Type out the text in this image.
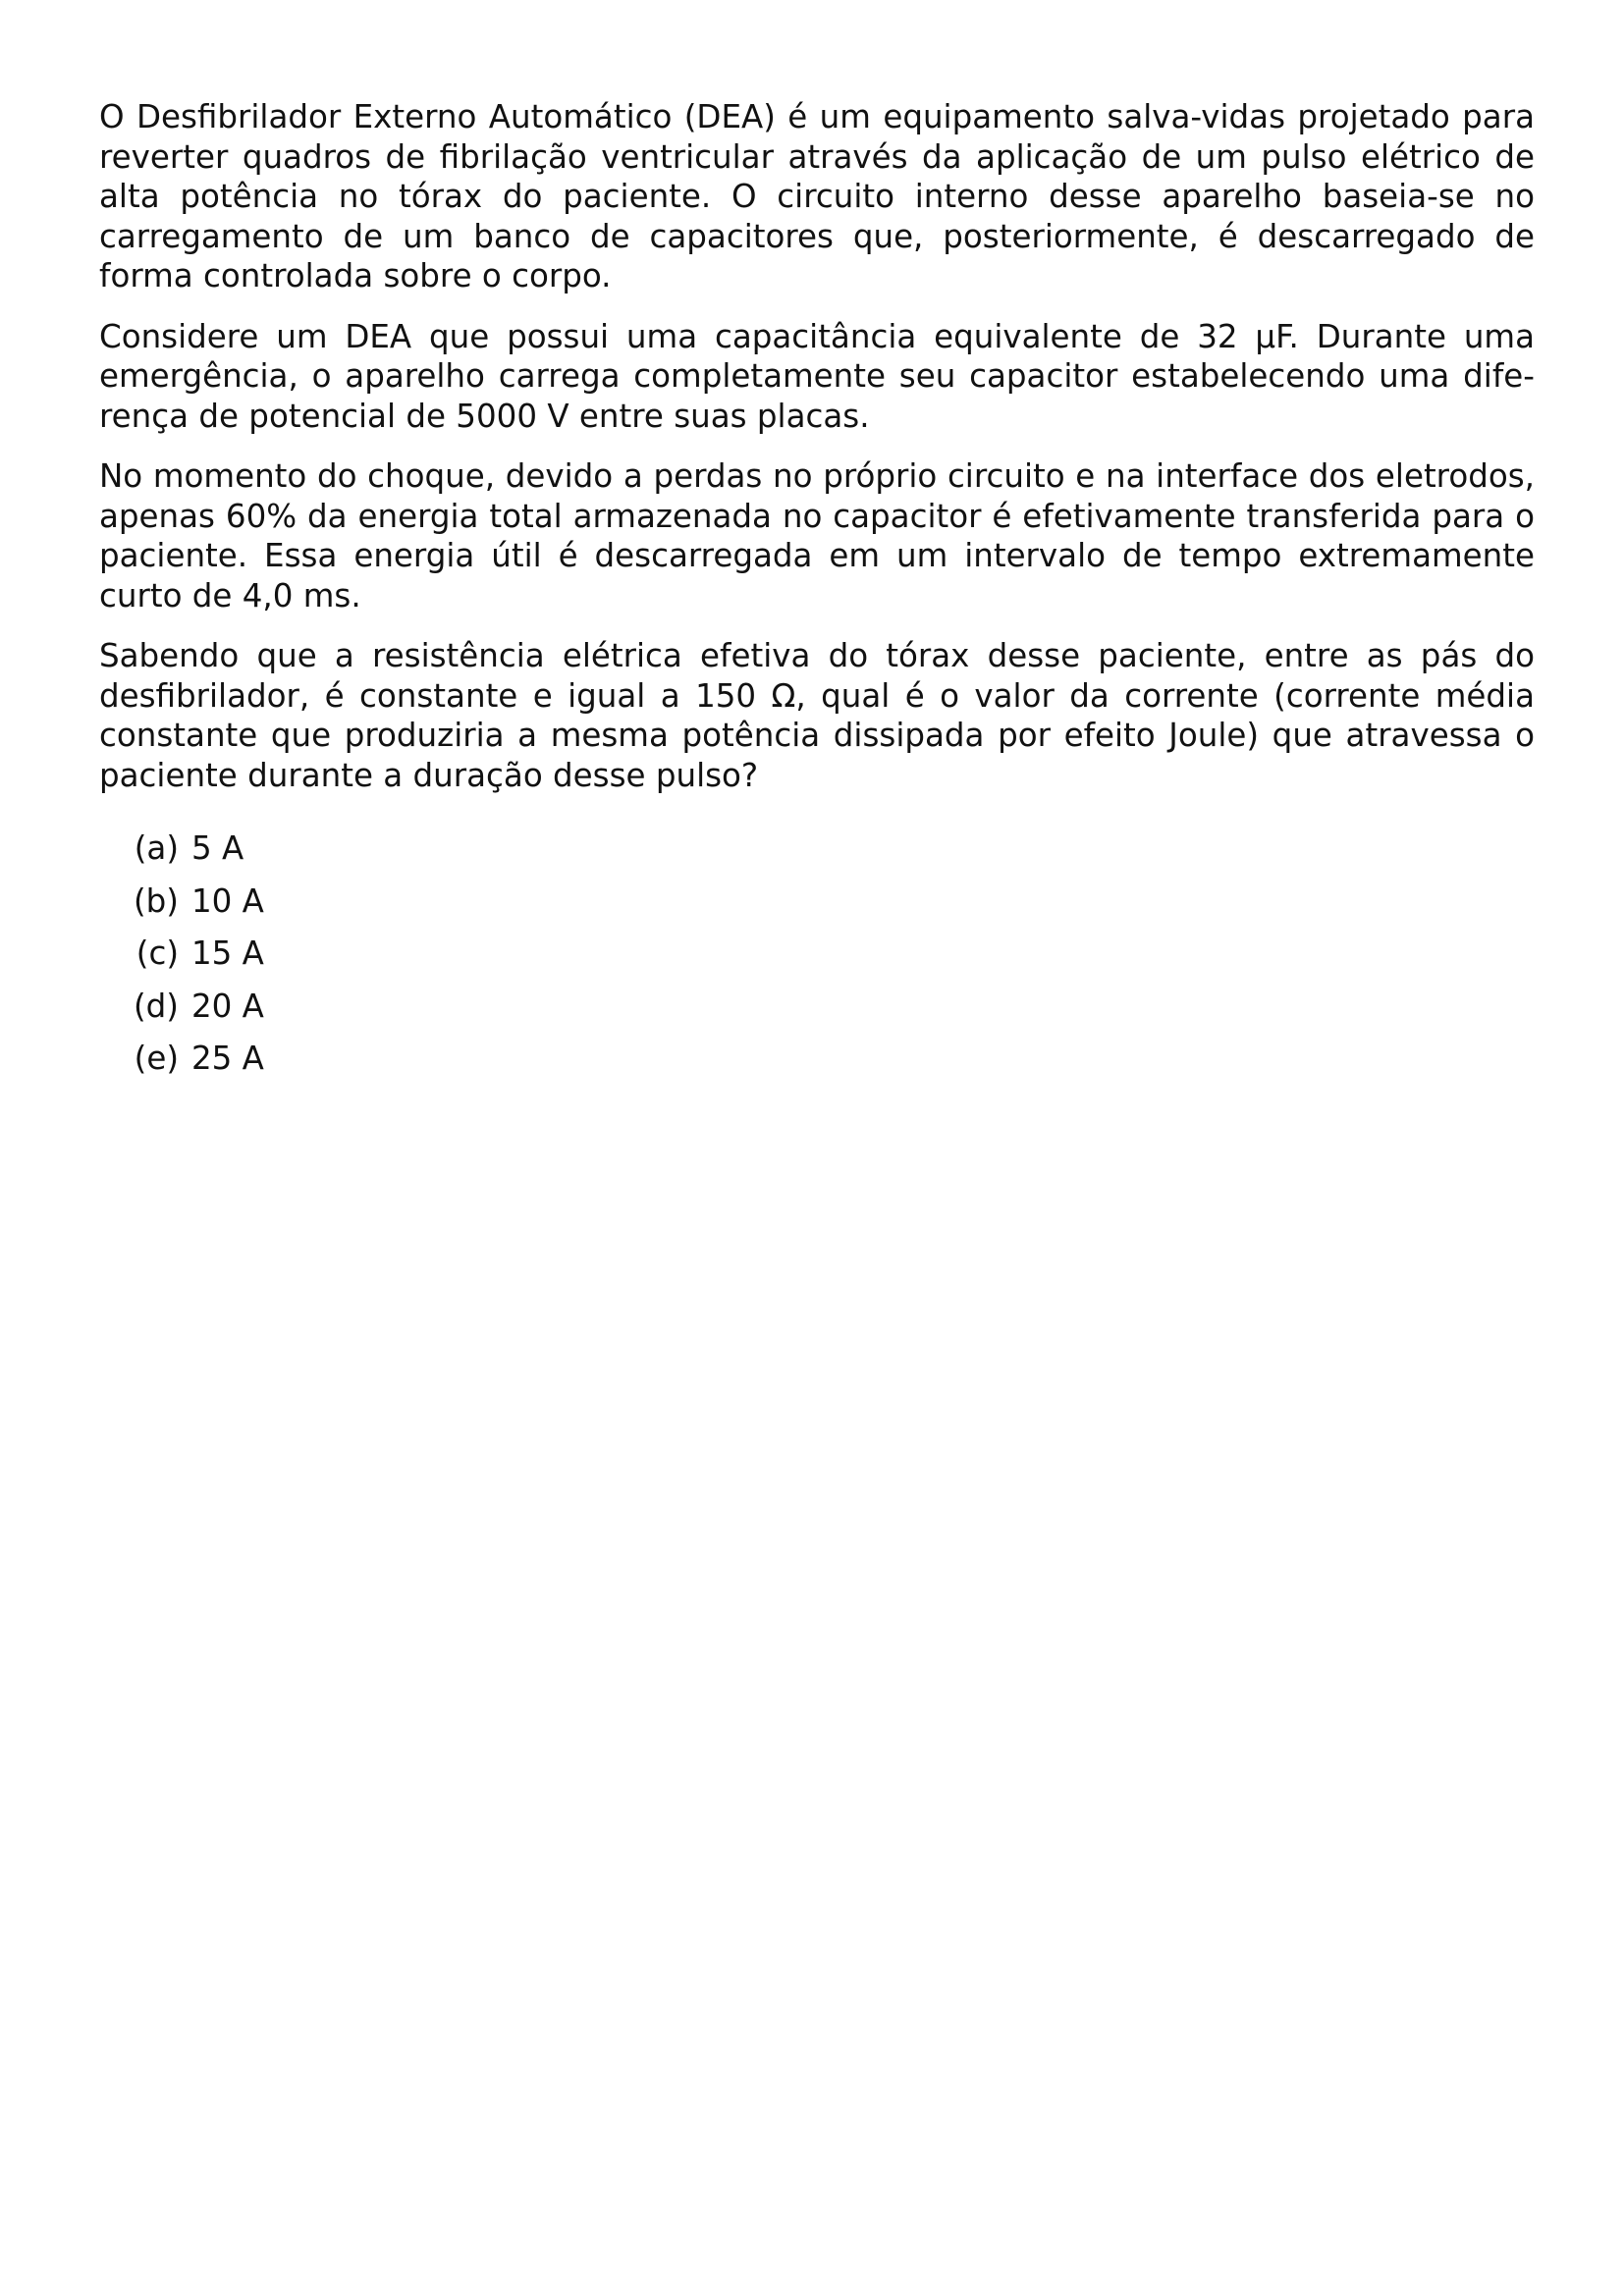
O Desfibrilador Externo Automático (DEA) é um equipamento salva-vidas projetado para reverter quadros de fibrilação ventricular através da aplicação de um pulso elétrico de alta potência no tórax do paciente. O circuito interno desse aparelho baseia-se no carregamento de um banco de capacitores que, posteriormente, é descarregado de forma controlada sobre o corpo.

Considere um DEA que possui uma capacitância equivalente de 32 μF. Durante uma emergência, o aparelho carrega completamente seu capacitor estabelecendo uma diferença de potencial de 5000 V entre suas placas.

No momento do choque, devido a perdas no próprio circuito e na interface dos eletrodos, apenas 60% da energia total armazenada no capacitor é efetivamente transferida para o paciente. Essa energia útil é descarregada em um intervalo de tempo extremamente curto de 4,0 ms.

Sabendo que a resistência elétrica efetiva do tórax desse paciente, entre as pás do desfibrilador, é constante e igual a 150 Ω, qual é o valor da corrente (corrente média constante que produziria a mesma potência dissipada por efeito Joule) que atravessa o paciente durante a duração desse pulso?

(a) 5 A
(b) 10 A
(c) 15 A
(d) 20 A
(e) 25 A
